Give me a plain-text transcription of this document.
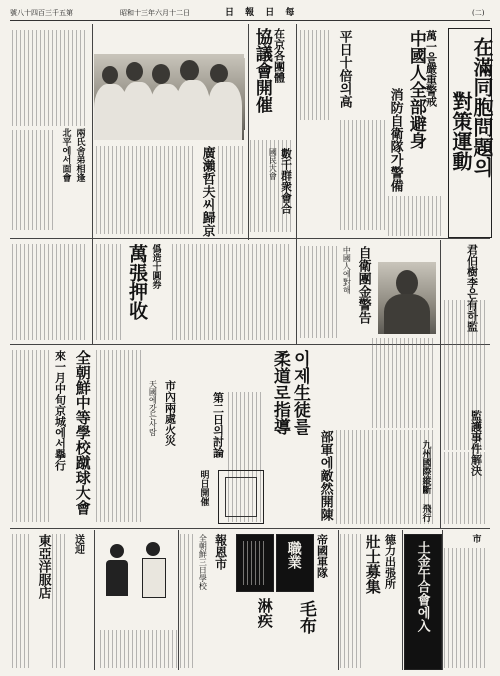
號八十四百三千五第	昭和十三年六月十二日	日 報 日 每	(二)
在滿同胞問題의
對策運動
萬一을嚴重警戒
中國人全部避身
消防自衛隊가警備
平日十倍의高
在京各團體
協議會開催
兩氏舍弟相逢
北平에서面會	廣瀨哲夫씨歸京	數千群衆會合
國民大會
君伯樹李은有하監
監護事件解決
自衛團金警告
中國人에對해
僞造十圓券
萬張押收
全朝鮮中等學校蹴球大會
來一月中旬京城에서擧行	市內兩處火災
天國에갓든사람	第二日의討論
明日開催
이제生徒를
柔道로指導
部軍에敵然開陳	九州國際縱斷 飛行
市
土金午合會에入
德力出張所
壯士募集
帝國軍隊
毛布
職業
淋疾
報恩市
全朝鮮三日學校
送迎
東亞洋服店
